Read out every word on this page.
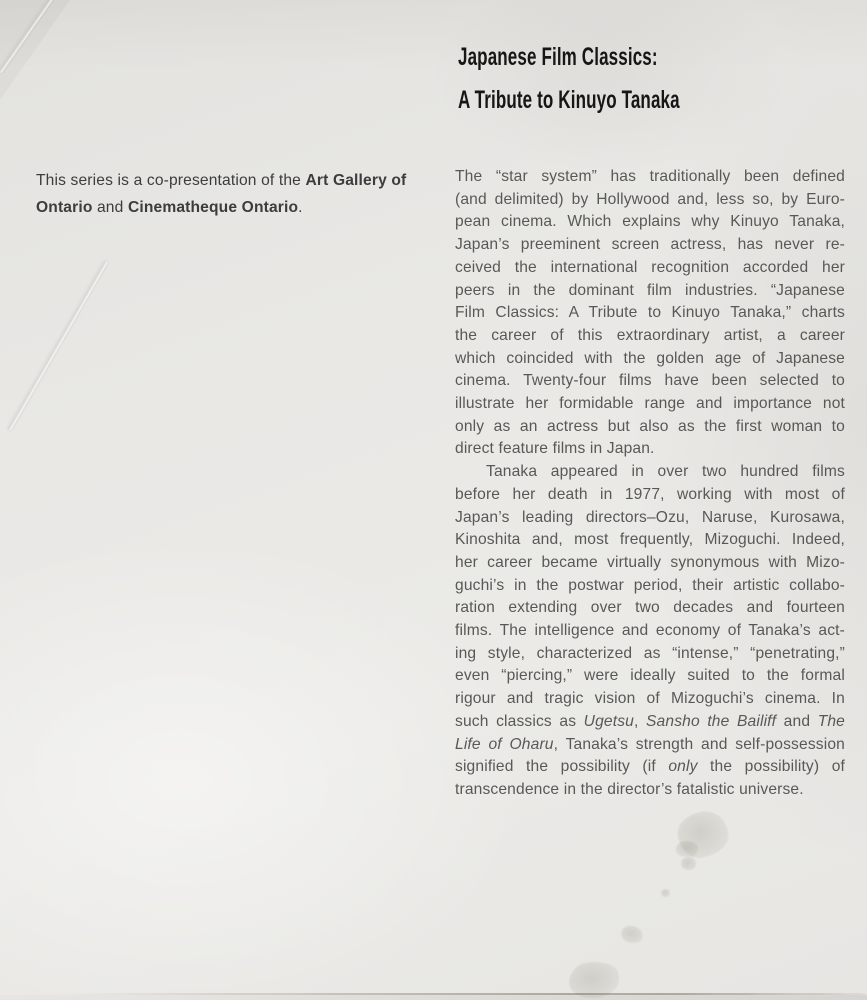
Japanese Film Classics:
A Tribute to Kinuyo Tanaka
This series is a co-presentation of the Art Gallery of
Ontario and Cinematheque Ontario.
The “star system” has traditionally been defined
(and delimited) by Hollywood and, less so, by Euro-
pean cinema. Which explains why Kinuyo Tanaka,
Japan’s preeminent screen actress, has never re-
ceived the international recognition accorded her
peers in the dominant film industries. “Japanese
Film Classics: A Tribute to Kinuyo Tanaka,” charts
the career of this extraordinary artist, a career
which coincided with the golden age of Japanese
cinema. Twenty-four films have been selected to
illustrate her formidable range and importance not
only as an actress but also as the first woman to
direct feature films in Japan.
Tanaka appeared in over two hundred films
before her death in 1977, working with most of
Japan’s leading directors–Ozu, Naruse, Kurosawa,
Kinoshita and, most frequently, Mizoguchi. Indeed,
her career became virtually synonymous with Mizo-
guchi’s in the postwar period, their artistic collabo-
ration extending over two decades and fourteen
films. The intelligence and economy of Tanaka’s act-
ing style, characterized as “intense,” “penetrating,”
even “piercing,” were ideally suited to the formal
rigour and tragic vision of Mizoguchi’s cinema. In
such classics as Ugetsu, Sansho the Bailiff and The
Life of Oharu, Tanaka’s strength and self-possession
signified the possibility (if only the possibility) of
transcendence in the director’s fatalistic universe.
